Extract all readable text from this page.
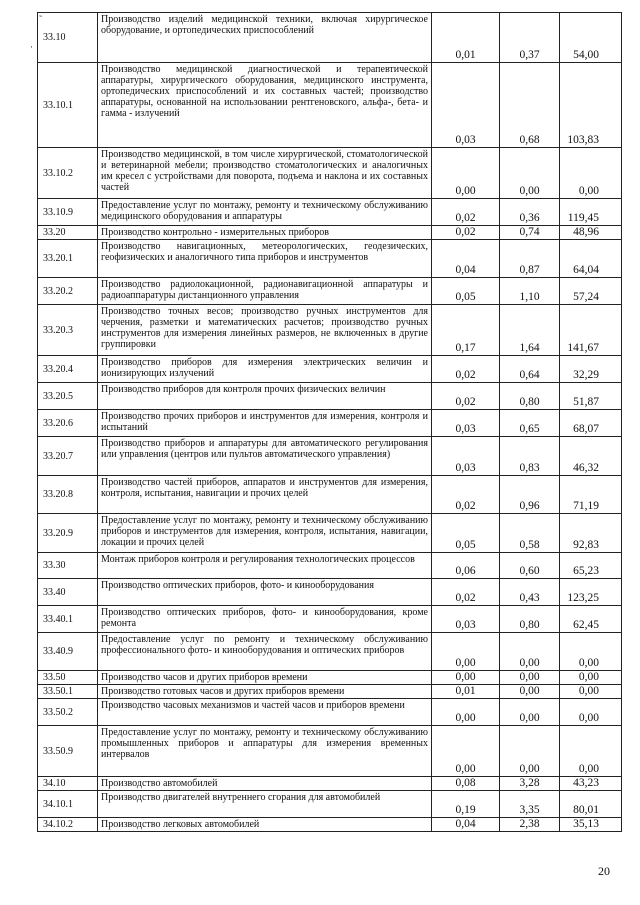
˜
·
33.10	Производство изделий медицинской техники, включая хирургическое оборудование, и ортопедических приспособлений	0,01	0,37	54,00
33.10.1	Производство медицинской диагностической и терапевтической аппаратуры, хирургического оборудования, медицинского инструмента, ортопедических приспособлений и их составных частей; производство аппаратуры, основанной на использовании рентгеновского, альфа-, бета- и гамма - излучений	0,03	0,68	103,83
33.10.2	Производство медицинской, в том числе хирургической, стоматологической и ветеринарной мебели; производство стоматологических и аналогичных им кресел с устройствами для поворота, подъема и наклона и их составных частей	0,00	0,00	0,00
33.10.9	Предоставление услуг по монтажу, ремонту и техническому обслуживанию медицинского оборудования и аппаратуры	0,02	0,36	119,45
33.20	Производство контрольно - измерительных приборов	0,02	0,74	48,96
33.20.1	Производство навигационных, метеорологических, геодезических, геофизических и аналогичного типа приборов и инструментов	0,04	0,87	64,04
33.20.2	Производство радиолокационной, радионавигационной аппаратуры и радиоаппаратуры дистанционного управления	0,05	1,10	57,24
33.20.3	Производство точных весов; производство ручных инструментов для черчения, разметки и математических расчетов; производство ручных инструментов для измерения линейных размеров, не включенных в другие группировки	0,17	1,64	141,67
33.20.4	Производство приборов для измерения электрических величин и ионизирующих излучений	0,02	0,64	32,29
33.20.5	Производство приборов для контроля прочих физических величин	0,02	0,80	51,87
33.20.6	Производство прочих приборов и инструментов для измерения, контроля и испытаний	0,03	0,65	68,07
33.20.7	Производство приборов и аппаратуры для автоматического регулирования или управления (центров или пультов автоматического управления)	0,03	0,83	46,32
33.20.8	Производство частей приборов, аппаратов и инструментов для измерения, контроля, испытания, навигации и прочих целей	0,02	0,96	71,19
33.20.9	Предоставление услуг по монтажу, ремонту и техническому обслуживанию приборов и инструментов для измерения, контроля, испытания, навигации, локации и прочих целей	0,05	0,58	92,83
33.30	Монтаж приборов контроля и регулирования технологических процессов	0,06	0,60	65,23
33.40	Производство оптических приборов, фото- и кинооборудования	0,02	0,43	123,25
33.40.1	Производство оптических приборов, фото- и кинооборудования, кроме ремонта	0,03	0,80	62,45
33.40.9	Предоставление услуг по ремонту и техническому обслуживанию профессионального фото- и кинооборудования и оптических приборов	0,00	0,00	0,00
33.50	Производство часов и других приборов времени	0,00	0,00	0,00
33.50.1	Производство готовых часов и других приборов времени	0,01	0,00	0,00
33.50.2	Производство часовых механизмов и частей часов и приборов времени	0,00	0,00	0,00
33.50.9	Предоставление услуг по монтажу, ремонту и техническому обслуживанию промышленных приборов и аппаратуры для измерения временных интервалов	0,00	0,00	0,00
34.10	Производство автомобилей	0,08	3,28	43,23
34.10.1	Производство двигателей внутреннего сгорания для автомобилей	0,19	3,35	80,01
34.10.2	Производство легковых автомобилей	0,04	2,38	35,13
20
